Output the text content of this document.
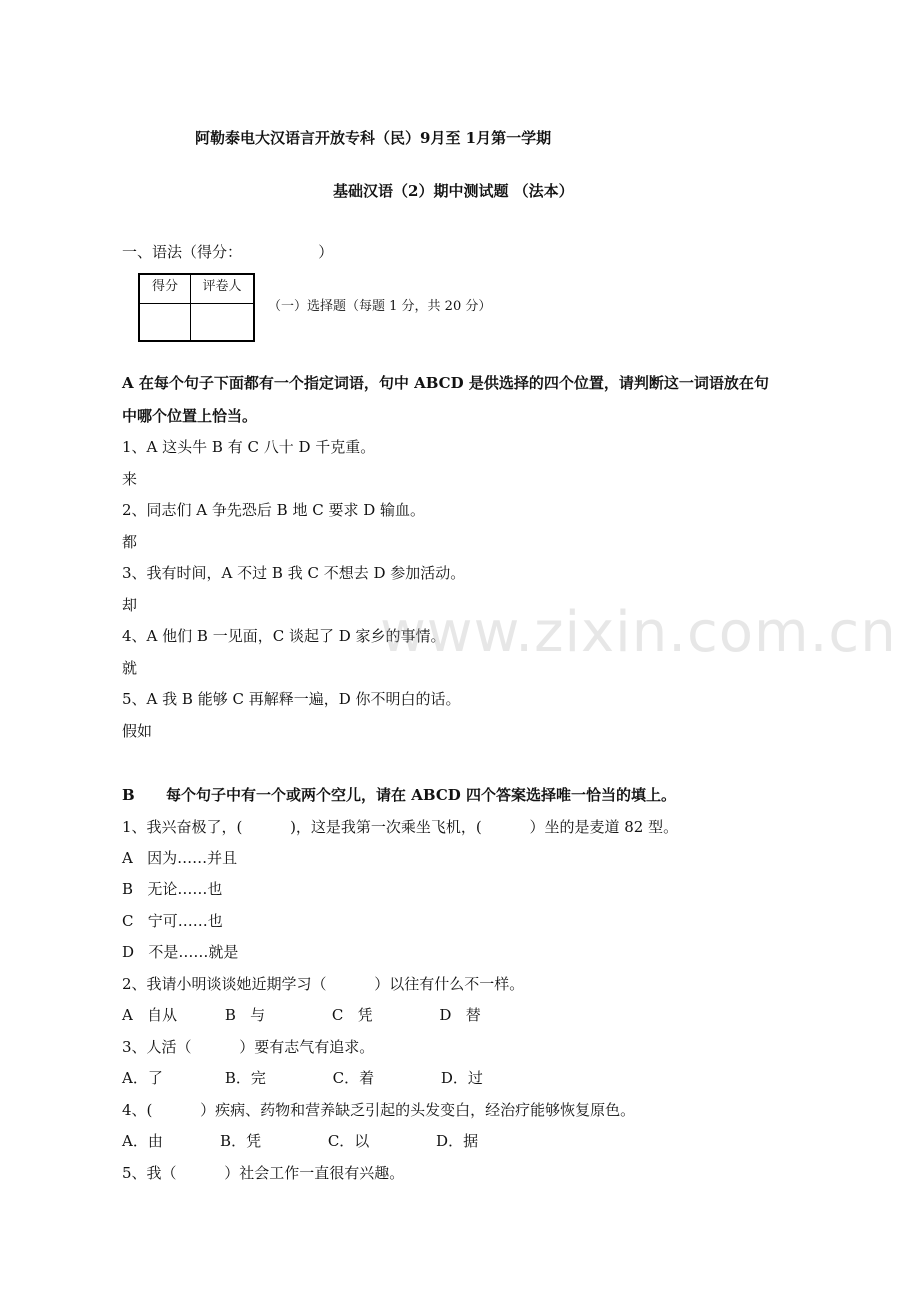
阿勒泰电大汉语言开放专科（民）9月至 1月第一学期
基础汉语（2）期中测试题 （法本）
一、语法（得分：                ）
得分	评卷人

（一）选择题（每题 1 分，共 20 分）
A 在每个句子下面都有一个指定词语，句中 ABCD 是供选择的四个位置，请判断这一词语放在句
中哪个位置上恰当。
1、A 这头牛 B 有 C 八十 D 千克重。
来
2、同志们 A 争先恐后 B 地 C 要求 D 输血。
都
3、我有时间，A 不过 B 我 C 不想去 D 参加活动。
却
4、A 他们 B 一见面，C 谈起了 D 家乡的事情。
就
5、A 我 B 能够 C 再解释一遍，D 你不明白的话。
假如
B      每个句子中有一个或两个空儿，请在 ABCD 四个答案选择唯一恰当的填上。
1、我兴奋极了，(          )，这是我第一次乘坐飞机，(          ）坐的是麦道 82 型。
A   因为……并且
B   无论……也
C   宁可……也
D   不是……就是
2、我请小明谈谈她近期学习（          ）以往有什么不一样。
A   自从          B   与              C   凭              D   替
3、人活（          ）要有志气有追求。
A．了             B．完              C．着              D．过
4、(          ）疾病、药物和营养缺乏引起的头发变白，经治疗能够恢复原色。
A．由            B．凭              C．以              D．据
5、我（          ）社会工作一直很有兴趣。
www.zixin.com.cn
